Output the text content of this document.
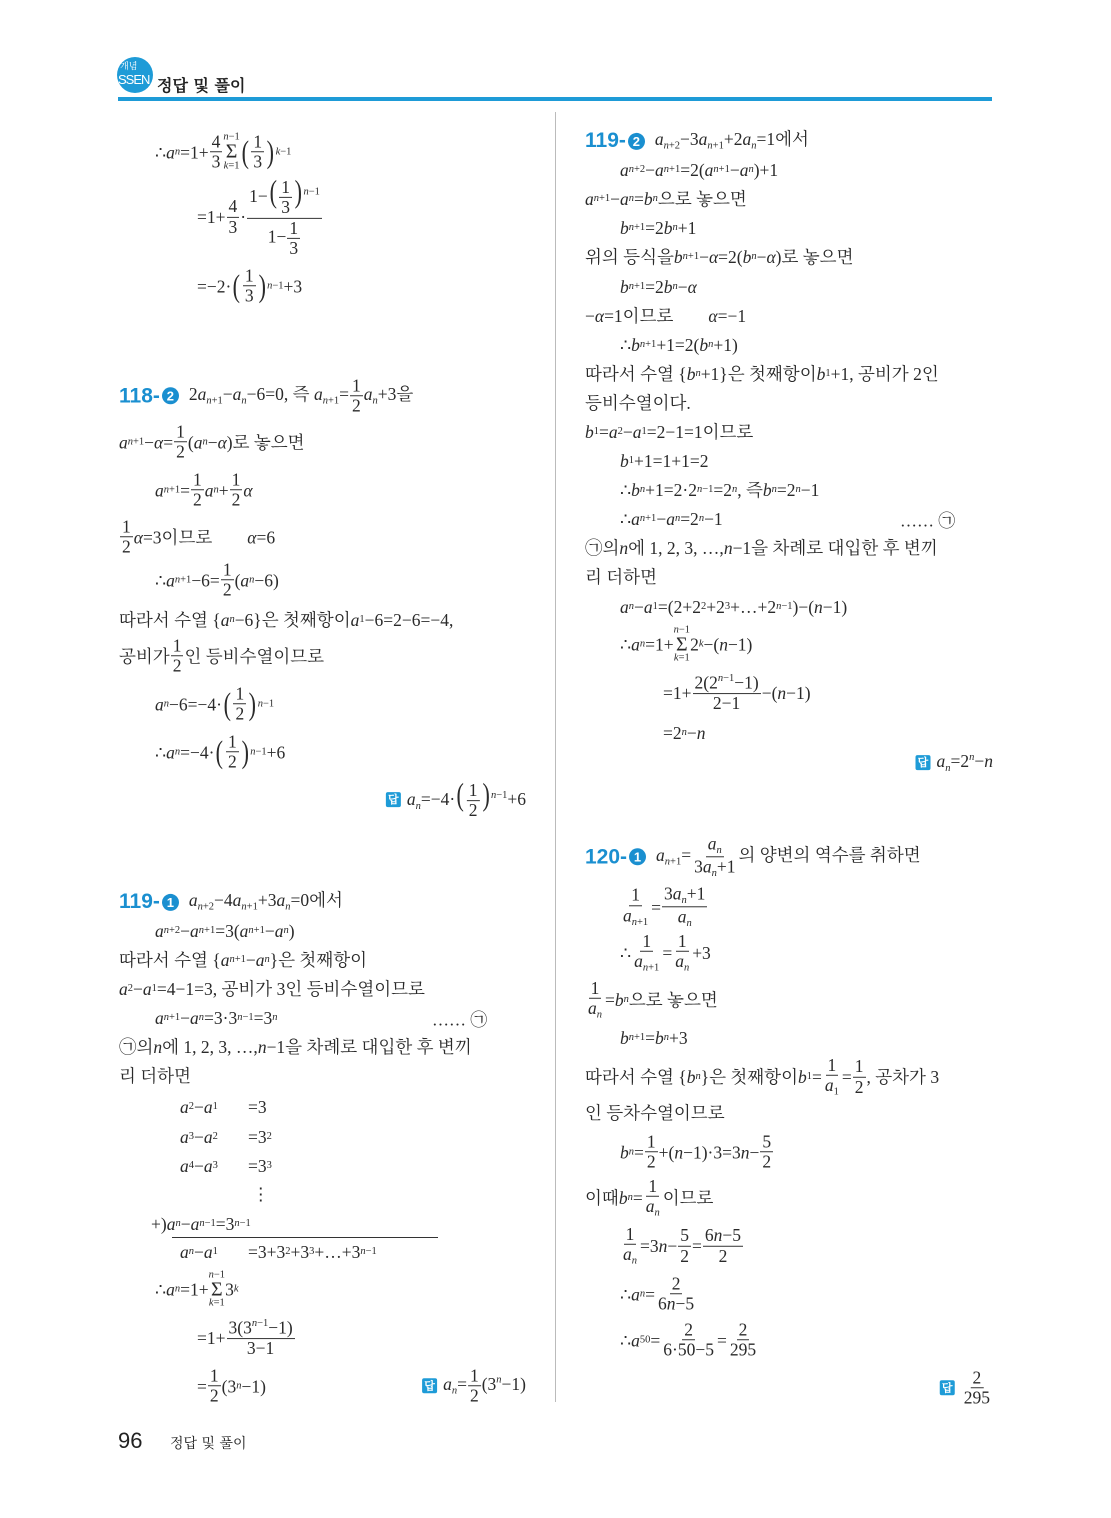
개념
SSEN 정답 및 풀이
∴ a n =1+
4
3
n−1
Σ
k=1 ( 1
3 ) k−1
=1+
4
3 ·
$1-( \frac{1}{3}$ ) $^{n-1}$
$1- \frac{1}{3}$
=−2· ( 1
3 ) n−1 +3
118- 2 $2a_{n+1}-a_n-6=0$, 즉 $a_{n+1}= \frac{1}{2} a_n+3$을
a n+1 − α =
1
2 ( a n − α )로 놓으면
a n+1 =
1
2 a n +
1
2 α
1
2 α =3이므로　　 α =6
∴ a n+1 −6=
1
2 ( a n −6)
따라서 수열 { a n −6}은 첫째항이 a 1 −6=2−6=−4,
공비가
1
2 인 등비수열이므로
a n −6=−4· ( 1
2 ) n−1
∴ a n =−4· ( 1
2 ) n−1 +6
답 $a_n=-4\cdot( \frac{1}{2}$ ) $^{n-1}$+6
119- 1 $a_{n+2}-4a_{n+1}+3a_n=0$에서
a n+2 − a n+1 =3( a n+1 − a n )
따라서 수열 { a n+1 − a n }은 첫째항이
a 2 − a 1 =4−1=3, 공비가 3인 등비수열이므로
a n+1 − a n =3·3 n−1 =3 n	…… ㉠
㉠의 n 에 1, 2, 3, …, n −1을 차례로 대입한 후 변끼
리 더하면
a 2 − a 1 =3
a 3 − a 2 =3 2
a 4 − a 3 =3 3
⋮
+) a n − a n−1 =3 n−1
a n − a 1 =3+3 2 +3 3 +…+3 n−1
∴ a n =1+
n−1
Σ
k=1
3 k
=1+
$3(3^{n-1}-1)$
3−1
=
1
2 (3 n −1)	답 $a_n= \frac{1}{2} (3^n-1)$
119- 2 $a_{n+2}-3a_{n+1}+2a_n=1$에서
a n+2 − a n+1 =2( a n+1 − a n )+1
a n+1 − a n = b n 으로 놓으면
b n+1 =2 b n +1
위의 등식을 b n+1 − α =2( b n − α )로 놓으면
b n+1 =2 b n − α
− α =1이므로　　 α =−1
∴ b n+1 +1=2( b n +1)
따라서 수열 { b n +1}은 첫째항이 b 1 +1, 공비가 2인
등비수열이다.
b 1 = a 2 − a 1 =2−1=1이므로
b 1 +1=1+1=2
∴ b n +1=2·2 n−1 =2 n , 즉 b n =2 n −1
∴ a n+1 − a n =2 n −1	…… ㉠
㉠의 n 에 1, 2, 3, …, n −1을 차례로 대입한 후 변끼
리 더하면
a n − a 1 =(2+2 2 +2 3 +…+2 n−1 )−( n −1)
∴ a n =1+
n−1
Σ
k=1
2 k −( n −1)
=1+
$2(2^{n-1}-1)$
2−1 −( n −1)
=2 n − n
답 $a_n=2^n-n$
120- 1 $a_{n+1}= \frac{a_n}{3a_n+1}$ 의 양변의 역수를 취하면
1
$a_{n+1}$
=
$3a_n+1$
$a_n$
∴
1
$a_{n+1}$
=
1
$a_n$
+3
1
$a_n$
= b n 으로 놓으면
b n+1 = b n +3
따라서 수열 { b n }은 첫째항이 b 1 =
1
$a_1$
=
1
2 , 공차가 3
인 등차수열이므로
b n =
1
2 +( n −1)·3=3 n −
5
2
이때 b n =
1
$a_n$
이므로
1
$a_n$
=3 n −
5
2 =
6n−5
2
∴ a n =
2
6n−5
∴ a 50 =
2
6·50−5 =
2
295
답 $\frac{2}{295}$
96 정답 및 풀이
